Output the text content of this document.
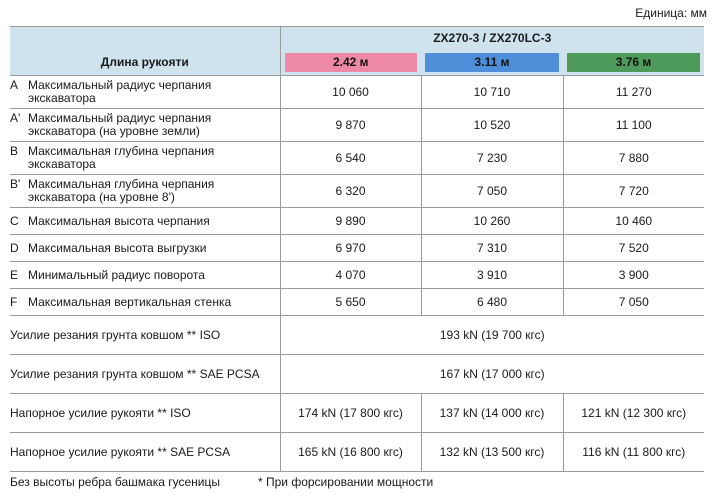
Единица: мм
	ZX270-3 / ZX270LC-3		
Длина рукояти	2.42 м	3.11 м	3.76 м

A Максимальный радиус черпания экскаватора	10 060	10 710	11 270

A' Максимальный радиус черпания экскаватора (на уровне земли)	9 870	10 520	11 100

B Максимальная глубина черпания экскаватора	6 540	7 230	7 880

B' Максимальная глубина черпания экскаватора (на уровне 8')	6 320	7 050	7 720

C Максимальная высота черпания	9 890	10 260	10 460

D Максимальная высота выгрузки	6 970	7 310	7 520

E Минимальный радиус поворота	4 070	3 910	3 900

F Максимальная вертикальная стенка	5 650	6 480	7 050
Усилие резания грунта ковшом ** ISO	193 kN (19 700 кгс)		
Усилие резания грунта ковшом ** SAE PCSA	167 kN (17 000 кгс)		
Напорное усилие рукояти ** ISO	174 kN (17 800 кгс)	137 kN (14 000 кгс)	121 kN (12 300 кгс)
Напорное усилие рукояти ** SAE PCSA	165 kN (16 800 кгс)	132 kN (13 500 кгс)	116 kN (11 800 кгс)
Без высоты ребра башмака гусеницы	* При форсировании мощности
